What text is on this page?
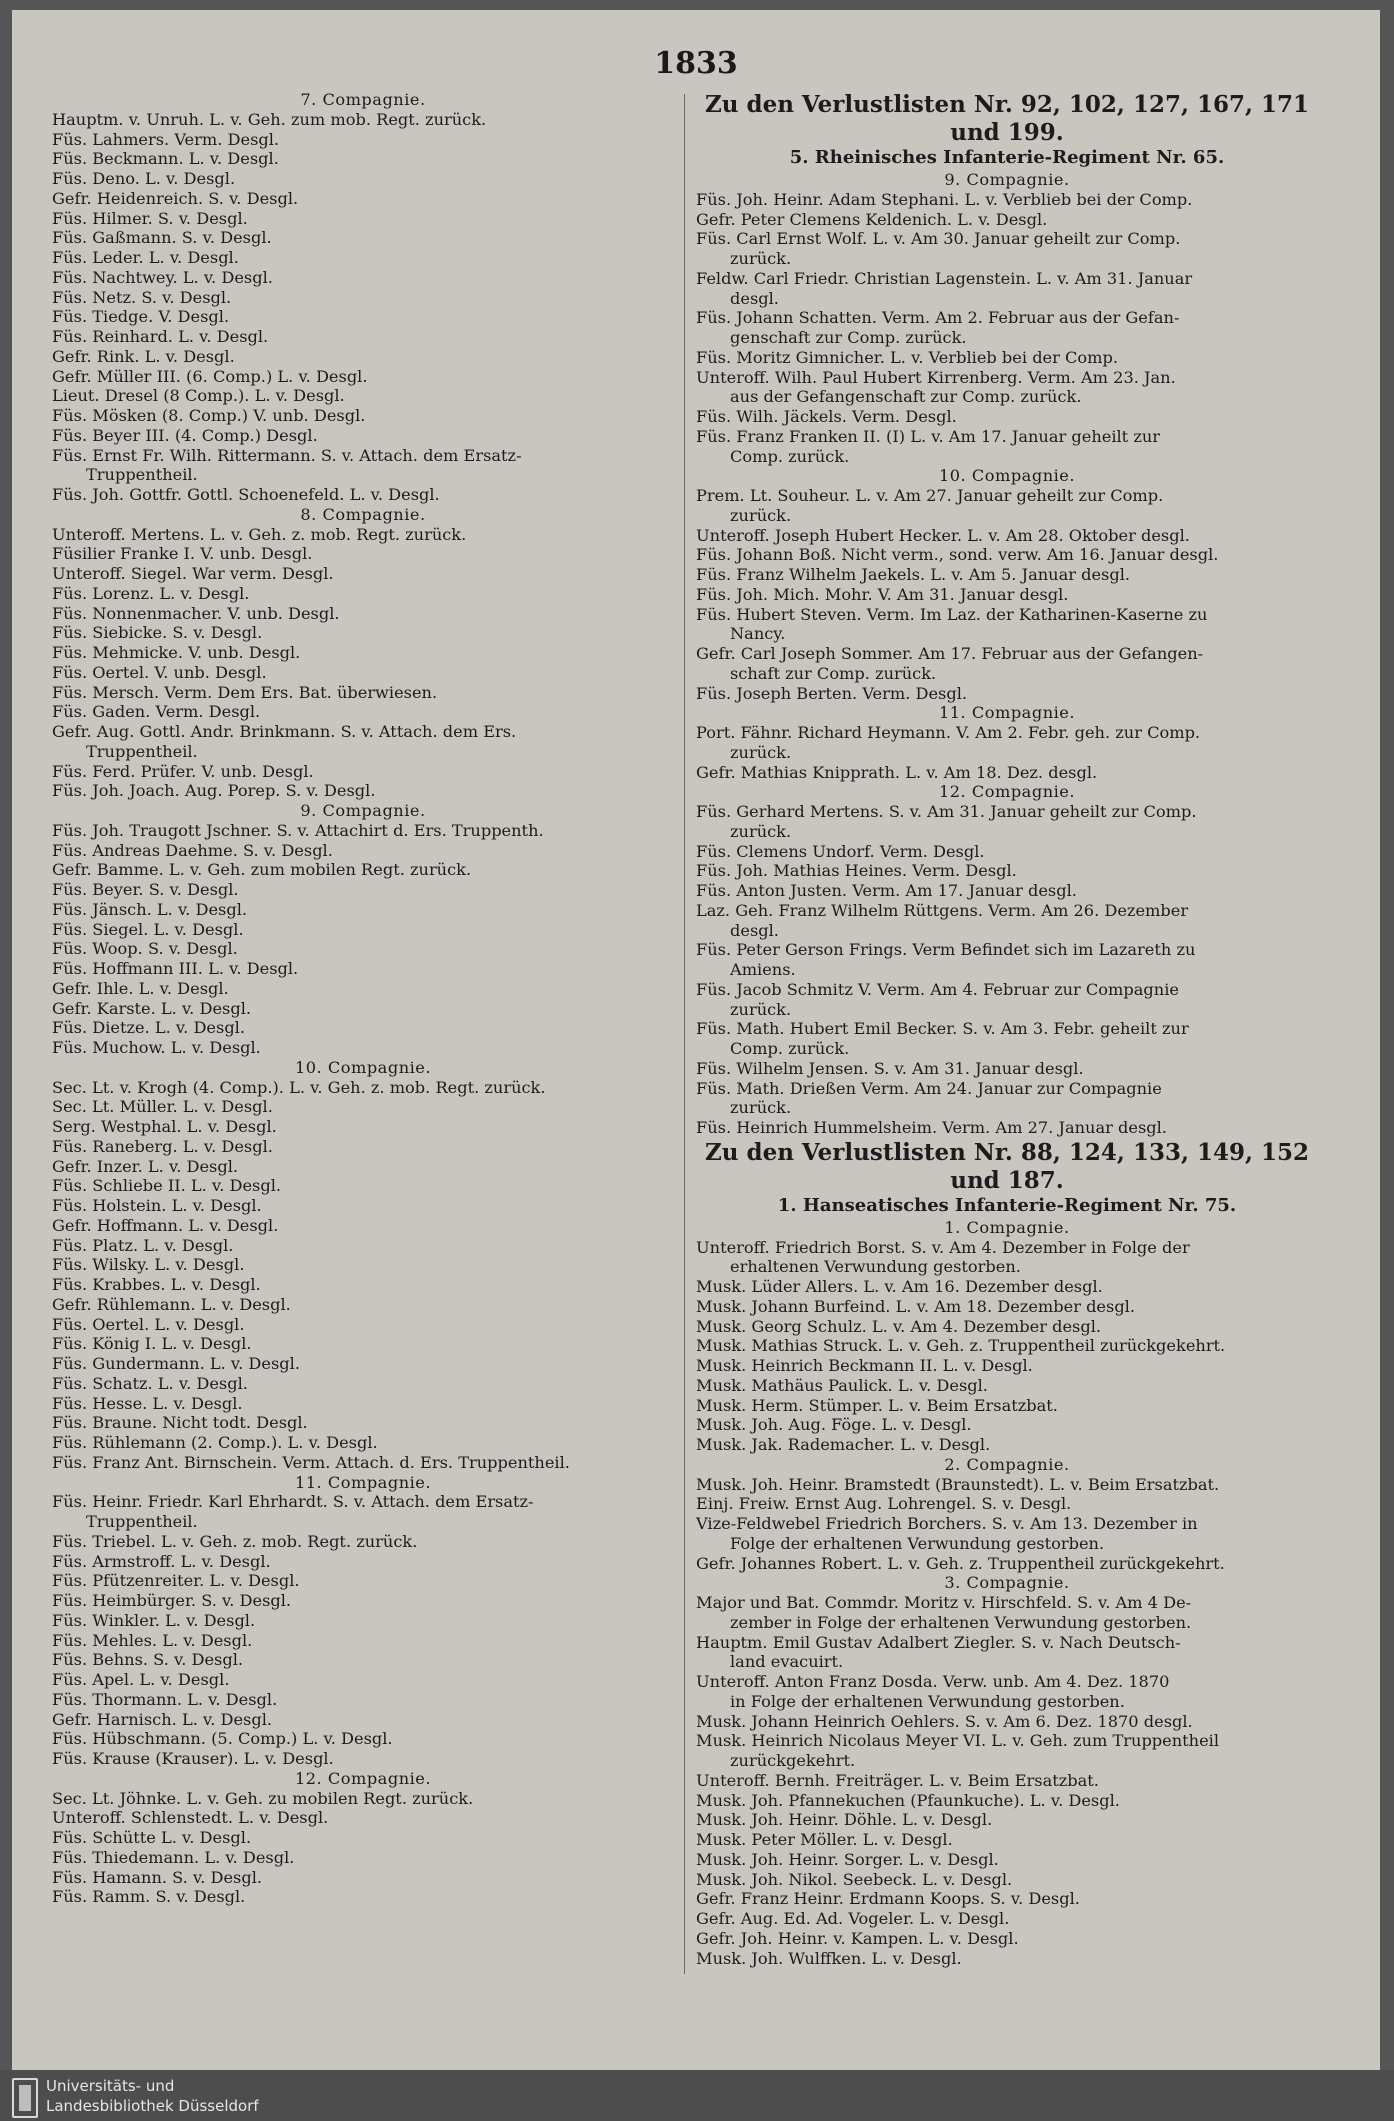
1833
7. Compagnie.
Hauptm. v. Unruh. L. v. Geh. zum mob. Regt. zurück.
Füs. Lahmers. Verm. Desgl.
Füs. Beckmann. L. v. Desgl.
Füs. Deno. L. v. Desgl.
Gefr. Heidenreich. S. v. Desgl.
Füs. Hilmer. S. v. Desgl.
Füs. Gaßmann. S. v. Desgl.
Füs. Leder. L. v. Desgl.
Füs. Nachtwey. L. v. Desgl.
Füs. Netz. S. v. Desgl.
Füs. Tiedge. V. Desgl.
Füs. Reinhard. L. v. Desgl.
Gefr. Rink. L. v. Desgl.
Gefr. Müller III. (6. Comp.) L. v. Desgl.
Lieut. Dresel (8 Comp.). L. v. Desgl.
Füs. Mösken (8. Comp.) V. unb. Desgl.
Füs. Beyer III. (4. Comp.) Desgl.
Füs. Ernst Fr. Wilh. Rittermann. S. v. Attach. dem Ersatz-
Truppentheil.
Füs. Joh. Gottfr. Gottl. Schoenefeld. L. v. Desgl.
8. Compagnie.
Unteroff. Mertens. L. v. Geh. z. mob. Regt. zurück.
Füsilier Franke I. V. unb. Desgl.
Unteroff. Siegel. War verm. Desgl.
Füs. Lorenz. L. v. Desgl.
Füs. Nonnenmacher. V. unb. Desgl.
Füs. Siebicke. S. v. Desgl.
Füs. Mehmicke. V. unb. Desgl.
Füs. Oertel. V. unb. Desgl.
Füs. Mersch. Verm. Dem Ers. Bat. überwiesen.
Füs. Gaden. Verm. Desgl.
Gefr. Aug. Gottl. Andr. Brinkmann. S. v. Attach. dem Ers.
Truppentheil.
Füs. Ferd. Prüfer. V. unb. Desgl.
Füs. Joh. Joach. Aug. Porep. S. v. Desgl.
9. Compagnie.
Füs. Joh. Traugott Jschner. S. v. Attachirt d. Ers. Truppenth.
Füs. Andreas Daehme. S. v. Desgl.
Gefr. Bamme. L. v. Geh. zum mobilen Regt. zurück.
Füs. Beyer. S. v. Desgl.
Füs. Jänsch. L. v. Desgl.
Füs. Siegel. L. v. Desgl.
Füs. Woop. S. v. Desgl.
Füs. Hoffmann III. L. v. Desgl.
Gefr. Ihle. L. v. Desgl.
Gefr. Karste. L. v. Desgl.
Füs. Dietze. L. v. Desgl.
Füs. Muchow. L. v. Desgl.
10. Compagnie.
Sec. Lt. v. Krogh (4. Comp.). L. v. Geh. z. mob. Regt. zurück.
Sec. Lt. Müller. L. v. Desgl.
Serg. Westphal. L. v. Desgl.
Füs. Raneberg. L. v. Desgl.
Gefr. Inzer. L. v. Desgl.
Füs. Schliebe II. L. v. Desgl.
Füs. Holstein. L. v. Desgl.
Gefr. Hoffmann. L. v. Desgl.
Füs. Platz. L. v. Desgl.
Füs. Wilsky. L. v. Desgl.
Füs. Krabbes. L. v. Desgl.
Gefr. Rühlemann. L. v. Desgl.
Füs. Oertel. L. v. Desgl.
Füs. König I. L. v. Desgl.
Füs. Gundermann. L. v. Desgl.
Füs. Schatz. L. v. Desgl.
Füs. Hesse. L. v. Desgl.
Füs. Braune. Nicht todt. Desgl.
Füs. Rühlemann (2. Comp.). L. v. Desgl.
Füs. Franz Ant. Birnschein. Verm. Attach. d. Ers. Truppentheil.
11. Compagnie.
Füs. Heinr. Friedr. Karl Ehrhardt. S. v. Attach. dem Ersatz-
Truppentheil.
Füs. Triebel. L. v. Geh. z. mob. Regt. zurück.
Füs. Armstroff. L. v. Desgl.
Füs. Pfützenreiter. L. v. Desgl.
Füs. Heimbürger. S. v. Desgl.
Füs. Winkler. L. v. Desgl.
Füs. Mehles. L. v. Desgl.
Füs. Behns. S. v. Desgl.
Füs. Apel. L. v. Desgl.
Füs. Thormann. L. v. Desgl.
Gefr. Harnisch. L. v. Desgl.
Füs. Hübschmann. (5. Comp.) L. v. Desgl.
Füs. Krause (Krauser). L. v. Desgl.
12. Compagnie.
Sec. Lt. Jöhnke. L. v. Geh. zu mobilen Regt. zurück.
Unteroff. Schlenstedt. L. v. Desgl.
Füs. Schütte L. v. Desgl.
Füs. Thiedemann. L. v. Desgl.
Füs. Hamann. S. v. Desgl.
Füs. Ramm. S. v. Desgl.
Zu den Verlustlisten Nr. 92, 102, 127, 167, 171
und 199.
5. Rheinisches Infanterie-Regiment Nr. 65.
9. Compagnie.
Füs. Joh. Heinr. Adam Stephani. L. v. Verblieb bei der Comp.
Gefr. Peter Clemens Keldenich. L. v. Desgl.
Füs. Carl Ernst Wolf. L. v. Am 30. Januar geheilt zur Comp.
zurück.
Feldw. Carl Friedr. Christian Lagenstein. L. v. Am 31. Januar
desgl.
Füs. Johann Schatten. Verm. Am 2. Februar aus der Gefan-
genschaft zur Comp. zurück.
Füs. Moritz Gimnicher. L. v. Verblieb bei der Comp.
Unteroff. Wilh. Paul Hubert Kirrenberg. Verm. Am 23. Jan.
aus der Gefangenschaft zur Comp. zurück.
Füs. Wilh. Jäckels. Verm. Desgl.
Füs. Franz Franken II. (I) L. v. Am 17. Januar geheilt zur
Comp. zurück.
10. Compagnie.
Prem. Lt. Souheur. L. v. Am 27. Januar geheilt zur Comp.
zurück.
Unteroff. Joseph Hubert Hecker. L. v. Am 28. Oktober desgl.
Füs. Johann Boß. Nicht verm., sond. verw. Am 16. Januar desgl.
Füs. Franz Wilhelm Jaekels. L. v. Am 5. Januar desgl.
Füs. Joh. Mich. Mohr. V. Am 31. Januar desgl.
Füs. Hubert Steven. Verm. Im Laz. der Katharinen-Kaserne zu
Nancy.
Gefr. Carl Joseph Sommer. Am 17. Februar aus der Gefangen-
schaft zur Comp. zurück.
Füs. Joseph Berten. Verm. Desgl.
11. Compagnie.
Port. Fähnr. Richard Heymann. V. Am 2. Febr. geh. zur Comp.
zurück.
Gefr. Mathias Knipprath. L. v. Am 18. Dez. desgl.
12. Compagnie.
Füs. Gerhard Mertens. S. v. Am 31. Januar geheilt zur Comp.
zurück.
Füs. Clemens Undorf. Verm. Desgl.
Füs. Joh. Mathias Heines. Verm. Desgl.
Füs. Anton Justen. Verm. Am 17. Januar desgl.
Laz. Geh. Franz Wilhelm Rüttgens. Verm. Am 26. Dezember
desgl.
Füs. Peter Gerson Frings. Verm Befindet sich im Lazareth zu
Amiens.
Füs. Jacob Schmitz V. Verm. Am 4. Februar zur Compagnie
zurück.
Füs. Math. Hubert Emil Becker. S. v. Am 3. Febr. geheilt zur
Comp. zurück.
Füs. Wilhelm Jensen. S. v. Am 31. Januar desgl.
Füs. Math. Drießen Verm. Am 24. Januar zur Compagnie
zurück.
Füs. Heinrich Hummelsheim. Verm. Am 27. Januar desgl.
Zu den Verlustlisten Nr. 88, 124, 133, 149, 152
und 187.
1. Hanseatisches Infanterie-Regiment Nr. 75.
1. Compagnie.
Unteroff. Friedrich Borst. S. v. Am 4. Dezember in Folge der
erhaltenen Verwundung gestorben.
Musk. Lüder Allers. L. v. Am 16. Dezember desgl.
Musk. Johann Burfeind. L. v. Am 18. Dezember desgl.
Musk. Georg Schulz. L. v. Am 4. Dezember desgl.
Musk. Mathias Struck. L. v. Geh. z. Truppentheil zurückgekehrt.
Musk. Heinrich Beckmann II. L. v. Desgl.
Musk. Mathäus Paulick. L. v. Desgl.
Musk. Herm. Stümper. L. v. Beim Ersatzbat.
Musk. Joh. Aug. Föge. L. v. Desgl.
Musk. Jak. Rademacher. L. v. Desgl.
2. Compagnie.
Musk. Joh. Heinr. Bramstedt (Braunstedt). L. v. Beim Ersatzbat.
Einj. Freiw. Ernst Aug. Lohrengel. S. v. Desgl.
Vize-Feldwebel Friedrich Borchers. S. v. Am 13. Dezember in
Folge der erhaltenen Verwundung gestorben.
Gefr. Johannes Robert. L. v. Geh. z. Truppentheil zurückgekehrt.
3. Compagnie.
Major und Bat. Commdr. Moritz v. Hirschfeld. S. v. Am 4 De-
zember in Folge der erhaltenen Verwundung gestorben.
Hauptm. Emil Gustav Adalbert Ziegler. S. v. Nach Deutsch-
land evacuirt.
Unteroff. Anton Franz Dosda. Verw. unb. Am 4. Dez. 1870
in Folge der erhaltenen Verwundung gestorben.
Musk. Johann Heinrich Oehlers. S. v. Am 6. Dez. 1870 desgl.
Musk. Heinrich Nicolaus Meyer VI. L. v. Geh. zum Truppentheil
zurückgekehrt.
Unteroff. Bernh. Freiträger. L. v. Beim Ersatzbat.
Musk. Joh. Pfannekuchen (Pfaunkuche). L. v. Desgl.
Musk. Joh. Heinr. Döhle. L. v. Desgl.
Musk. Peter Möller. L. v. Desgl.
Musk. Joh. Heinr. Sorger. L. v. Desgl.
Musk. Joh. Nikol. Seebeck. L. v. Desgl.
Gefr. Franz Heinr. Erdmann Koops. S. v. Desgl.
Gefr. Aug. Ed. Ad. Vogeler. L. v. Desgl.
Gefr. Joh. Heinr. v. Kampen. L. v. Desgl.
Musk. Joh. Wulffken. L. v. Desgl.
Universitäts- und
Landesbibliothek Düsseldorf
